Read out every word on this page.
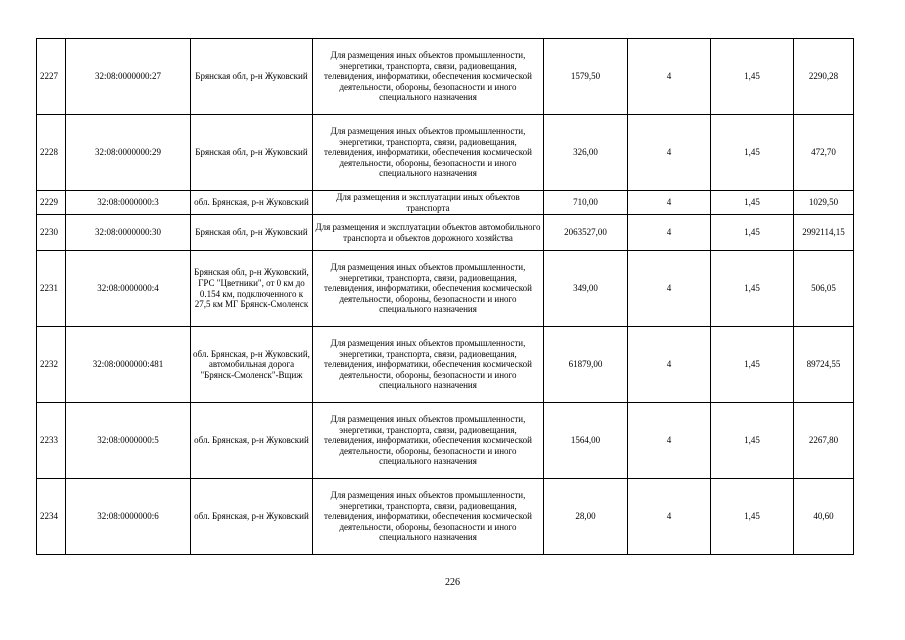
2227	32:08:0000000:27	Брянская обл, р-н Жуковский	Для размещения иных объектов промышленности, энергетики, транспорта, связи, радиовещания, телевидения, информатики, обеспечения космической деятельности, обороны, безопасности и иного специального назначения	1579,50	4	1,45	2290,28
2228	32:08:0000000:29	Брянская обл, р-н Жуковский	Для размещения иных объектов промышленности, энергетики, транспорта, связи, радиовещания, телевидения, информатики, обеспечения космической деятельности, обороны, безопасности и иного специального назначения	326,00	4	1,45	472,70
2229	32:08:0000000:3	обл. Брянская, р-н Жуковский	Для размещения и эксплуатации иных объектов транспорта	710,00	4	1,45	1029,50
2230	32:08:0000000:30	Брянская обл, р-н Жуковский	Для размещения и эксплуатации объектов автомобильного транспорта и объектов дорожного хозяйства	2063527,00	4	1,45	2992114,15
2231	32:08:0000000:4	Брянская обл, р-н Жуковский, ГРС "Цветники", от 0 км до 0.154 км, подключенного к 27,5 км МГ Брянск-Смоленск	Для размещения иных объектов промышленности, энергетики, транспорта, связи, радиовещания, телевидения, информатики, обеспечения космической деятельности, обороны, безопасности и иного специального назначения	349,00	4	1,45	506,05
2232	32:08:0000000:481	обл. Брянская, р-н Жуковский, автомобильная дорога "Брянск-Смоленск"-Вщиж	Для размещения иных объектов промышленности, энергетики, транспорта, связи, радиовещания, телевидения, информатики, обеспечения космической деятельности, обороны, безопасности и иного специального назначения	61879,00	4	1,45	89724,55
2233	32:08:0000000:5	обл. Брянская, р-н Жуковский	Для размещения иных объектов промышленности, энергетики, транспорта, связи, радиовещания, телевидения, информатики, обеспечения космической деятельности, обороны, безопасности и иного специального назначения	1564,00	4	1,45	2267,80
2234	32:08:0000000:6	обл. Брянская, р-н Жуковский	Для размещения иных объектов промышленности, энергетики, транспорта, связи, радиовещания, телевидения, информатики, обеспечения космической деятельности, обороны, безопасности и иного специального назначения	28,00	4	1,45	40,60
226
